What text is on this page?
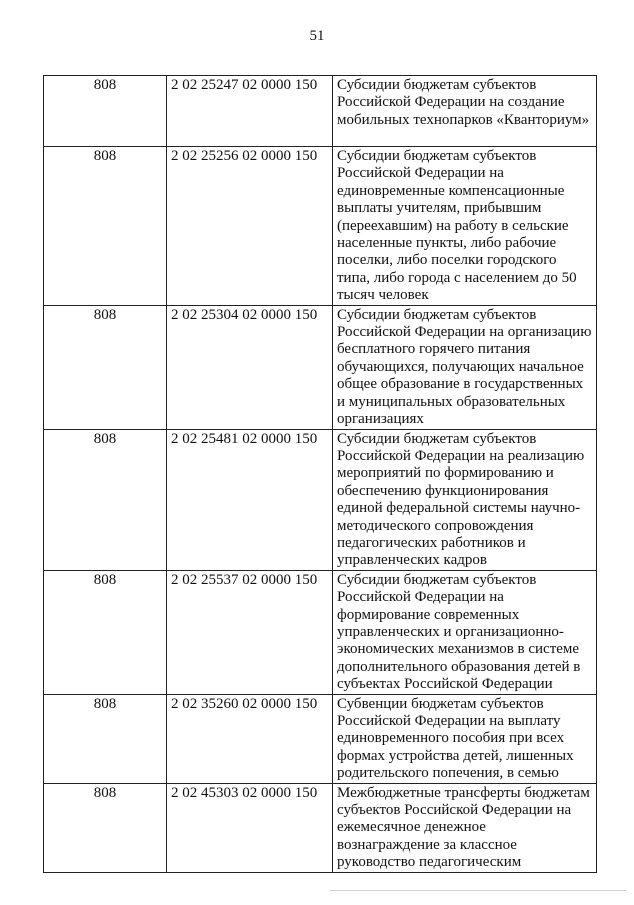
51
808	2 02 25247 02 0000 150	Субсидии бюджетам субъектов Российской Федерации на создание мобильных технопарков «Кванториум»
808	2 02 25256 02 0000 150	Субсидии бюджетам субъектов Российской Федерации на единовременные компенсационные выплаты учителям, прибывшим (переехавшим) на работу в сельские населенные пункты, либо рабочие поселки, либо поселки городского типа, либо города с населением до 50 тысяч человек
808	2 02 25304 02 0000 150	Субсидии бюджетам субъектов Российской Федерации на организацию бесплатного горячего питания обучающихся, получающих начальное общее образование в государственных и муниципальных образовательных организациях
808	2 02 25481 02 0000 150	Субсидии бюджетам субъектов Российской Федерации на реализацию мероприятий по формированию и обеспечению функционирования единой федеральной системы научно-методического сопровождения педагогических работников и управленческих кадров
808	2 02 25537 02 0000 150	Субсидии бюджетам субъектов Российской Федерации на формирование современных управленческих и организационно-экономических механизмов в системе дополнительного образования детей в субъектах Российской Федерации
808	2 02 35260 02 0000 150	Субвенции бюджетам субъектов Российской Федерации на выплату единовременного пособия при всех формах устройства детей, лишенных родительского попечения, в семью
808	2 02 45303 02 0000 150	Межбюджетные трансферты бюджетам субъектов Российской Федерации на ежемесячное денежное вознаграждение за классное руководство педагогическим
